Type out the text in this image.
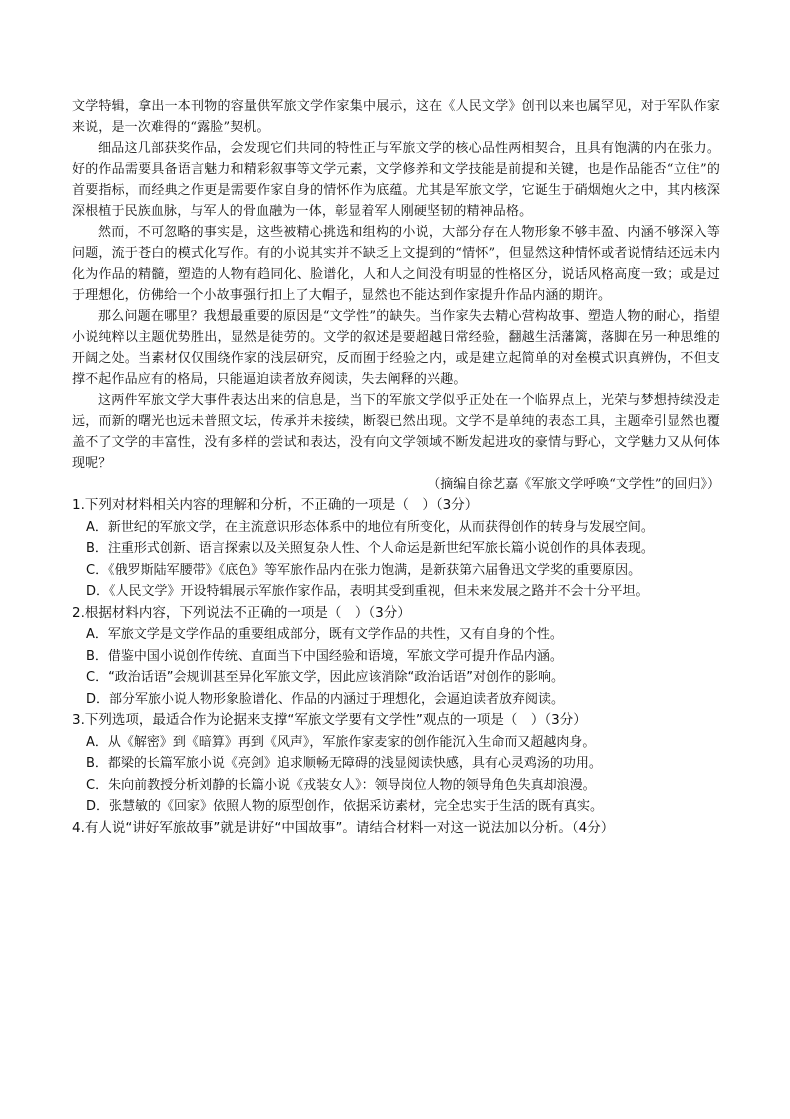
文学特辑，拿出一本刊物的容量供军旅文学作家集中展示，这在《人民文学》创刊以来也属罕见，对于军队作家来说，是一次难得的“露脸”契机。

细品这几部获奖作品，会发现它们共同的特性正与军旅文学的核心品性两相契合，且具有饱满的内在张力。好的作品需要具备语言魅力和精彩叙事等文学元素，文学修养和文学技能是前提和关键，也是作品能否“立住”的首要指标，而经典之作更是需要作家自身的情怀作为底蕴。尤其是军旅文学，它诞生于硝烟炮火之中，其内核深深根植于民族血脉，与军人的骨血融为一体，彰显着军人刚硬坚韧的精神品格。

然而，不可忽略的事实是，这些被精心挑选和组构的小说，大部分存在人物形象不够丰盈、内涵不够深入等问题，流于苍白的模式化写作。有的小说其实并不缺乏上文提到的“情怀”，但显然这种情怀或者说情结还远未内化为作品的精髓，塑造的人物有趋同化、脸谱化，人和人之间没有明显的性格区分，说话风格高度一致；或是过于理想化，仿佛给一个小故事强行扣上了大帽子，显然也不能达到作家提升作品内涵的期许。

那么问题在哪里？我想最重要的原因是“文学性”的缺失。当作家失去精心营构故事、塑造人物的耐心，指望小说纯粹以主题优势胜出，显然是徒劳的。文学的叙述是要超越日常经验，翻越生活藩篱，落脚在另一种思维的开阔之处。当素材仅仅围绕作家的浅层研究，反而囿于经验之内，或是建立起简单的对垒模式识真辨伪，不但支撑不起作品应有的格局，只能逼迫读者放弃阅读，失去阐释的兴趣。

这两件军旅文学大事件表达出来的信息是，当下的军旅文学似乎正处在一个临界点上，光荣与梦想持续没走远，而新的曙光也远未普照文坛，传承并未接续，断裂已然出现。文学不是单纯的表态工具，主题牵引显然也覆盖不了文学的丰富性，没有多样的尝试和表达，没有向文学领域不断发起进攻的豪情与野心，文学魅力又从何体现呢？

（摘编自徐艺嘉《军旅文学呼唤“文学性”的回归》）

1.下列对材料相关内容的理解和分析，不正确的一项是（　）（3分）

A．新世纪的军旅文学，在主流意识形态体系中的地位有所变化，从而获得创作的转身与发展空间。

B．注重形式创新、语言探索以及关照复杂人性、个人命运是新世纪军旅长篇小说创作的具体表现。

C．《俄罗斯陆军腰带》《底色》等军旅作品内在张力饱满，是新获第六届鲁迅文学奖的重要原因。

D．《人民文学》开设特辑展示军旅作家作品，表明其受到重视，但未来发展之路并不会十分平坦。

2.根据材料内容，下列说法不正确的一项是（　）（3分）

A．军旅文学是文学作品的重要组成部分，既有文学作品的共性，又有自身的个性。

B．借鉴中国小说创作传统、直面当下中国经验和语境，军旅文学可提升作品内涵。

C．“政治话语”会规训甚至异化军旅文学，因此应该消除“政治话语”对创作的影响。

D．部分军旅小说人物形象脸谱化、作品的内涵过于理想化，会逼迫读者放弃阅读。

3.下列选项，最适合作为论据来支撑“军旅文学要有文学性”观点的一项是（　）（3分）

A．从《解密》到《暗算》再到《风声》，军旅作家麦家的创作能沉入生命而又超越肉身。

B．都梁的长篇军旅小说《亮剑》追求顺畅无障碍的浅显阅读快感，具有心灵鸡汤的功用。

C．朱向前教授分析刘静的长篇小说《戎装女人》：领导岗位人物的领导角色失真却浪漫。

D．张慧敏的《回家》依照人物的原型创作，依据采访素材，完全忠实于生活的既有真实。

4.有人说“讲好军旅故事”就是讲好“中国故事”。请结合材料一对这一说法加以分析。（4分）
